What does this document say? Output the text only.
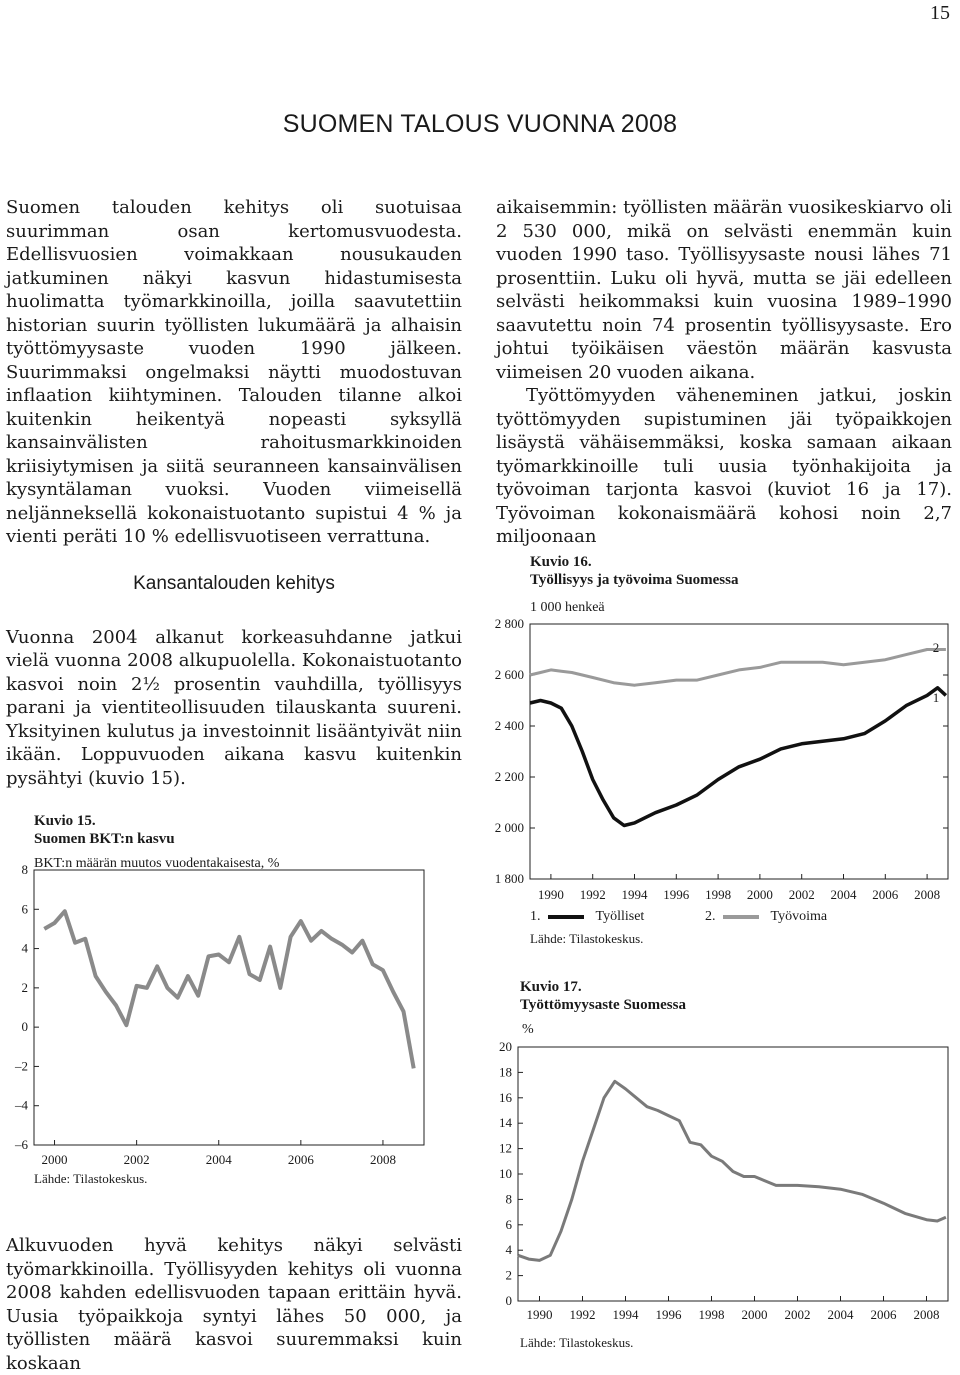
15
SUOMEN TALOUS VUONNA 2008

Suomen talouden kehitys oli suotuisaa suurimman osan kertomusvuodesta. Edellisvuosien voimakkaan nousukauden jatkuminen näkyi kasvun hidastumisesta huolimatta työmarkkinoilla, joilla saavutettiin historian suurin työllisten lukumäärä ja alhaisin työttömyysaste vuoden 1990 jälkeen. Suurimmaksi ongelmaksi näytti muodostuvan inflaation kiihtyminen. Talouden tilanne alkoi kuitenkin heikentyä nopeasti syksyllä kansainvälisten rahoitusmarkkinoiden kriisiytymisen ja siitä seuranneen kansainvälisen kysyntälaman vuoksi. Vuoden viimeisellä neljänneksellä kokonaistuotanto supistui 4 % ja vienti peräti 10 % edellisvuotiseen verrattuna.

aikaisemmin: työllisten määrän vuosikeskiarvo oli 2 530 000, mikä on selvästi enemmän kuin vuoden 1990 taso. Työllisyysaste nousi lähes 71 prosenttiin. Luku oli hyvä, mutta se jäi edelleen selvästi heikommaksi kuin vuosina 1989–1990 saavutettu noin 74 prosentin työllisyysaste. Ero johtui työikäisen väestön määrän kasvusta viimeisen 20 vuoden aikana.

Työttömyyden väheneminen jatkui, joskin työttömyyden supistuminen jäi työpaikkojen lisäystä vähäisemmäksi, koska samaan aikaan työmarkkinoille tuli uusia työnhakijoita ja työvoiman tarjonta kasvoi (kuviot 16 ja 17). Työvoiman kokonaismäärä kohosi noin 2,7 miljoonaan

Kansantalouden kehitys

Vuonna 2004 alkanut korkeasuhdanne jatkui vielä vuonna 2008 alkupuolella. Kokonaistuotanto kasvoi noin 2½ prosentin vauhdilla, työllisyys parani ja vientiteollisuuden tilauskanta suureni. Yksityinen kulutus ja investoinnit lisääntyivät niin ikään. Loppuvuoden aikana kasvu kuitenkin pysähtyi (kuvio 15).

Alkuvuoden hyvä kehitys näkyi selvästi työmarkkinoilla. Työllisyyden kehitys oli vuonna 2008 kahden edellisvuoden tapaan erittäin hyvä. Uusia työpaikkoja syntyi lähes 50 000, ja työllisten määrä kasvoi suuremmaksi kuin koskaan

Kuvio 15.
Suomen BKT:n kasvu
BKT:n määrän muutos vuodentakaisesta, %
8
6
4
2
0
–2
–4
–6
2000	2002	2004	2006	2008
Lähde: Tilastokeskus.
Kuvio 16.
Työllisyys ja työvoima Suomessa
1 000 henkeä
2 800
2 600
2 400
2 200
2 000
1 800
1990 1992 1994 1996 1998 2000 2002 2004 2006 2008
2
1
1.	Työlliset	2.	Työvoima
Lähde: Tilastokeskus.
Kuvio 17.
Työttömyysaste Suomessa
%
20
18
16
14
12
10
8
6
4
2
0
1990 1992 1994 1996 1998 2000 2002 2004 2006 2008
Lähde: Tilastokeskus.
